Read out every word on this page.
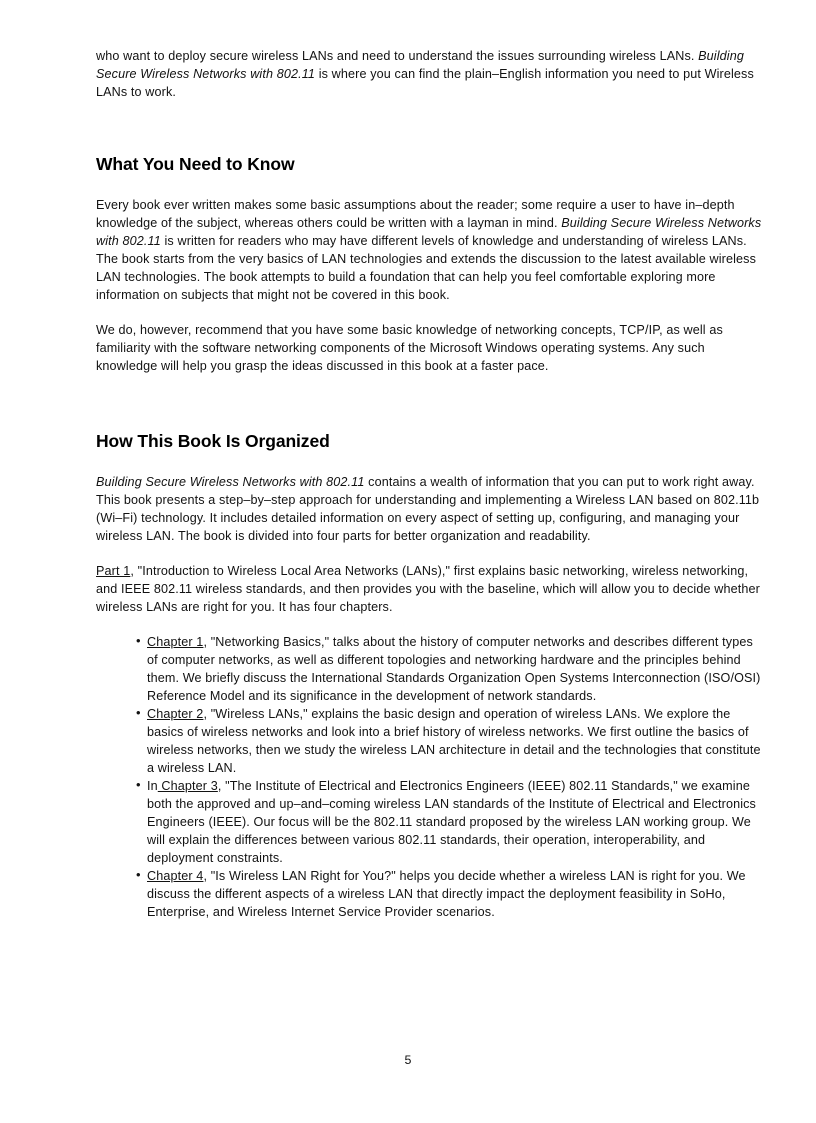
who want to deploy secure wireless LANs and need to understand the issues surrounding wireless LANs. Building Secure Wireless Networks with 802.11 is where you can find the plain–English information you need to put Wireless LANs to work.

What You Need to Know

Every book ever written makes some basic assumptions about the reader; some require a user to have in–depth knowledge of the subject, whereas others could be written with a layman in mind. Building Secure Wireless Networks with 802.11 is written for readers who may have different levels of knowledge and understanding of wireless LANs. The book starts from the very basics of LAN technologies and extends the discussion to the latest available wireless LAN technologies. The book attempts to build a foundation that can help you feel comfortable exploring more information on subjects that might not be covered in this book.

We do, however, recommend that you have some basic knowledge of networking concepts, TCP/IP, as well as familiarity with the software networking components of the Microsoft Windows operating systems. Any such knowledge will help you grasp the ideas discussed in this book at a faster pace.

How This Book Is Organized

Building Secure Wireless Networks with 802.11 contains a wealth of information that you can put to work right away. This book presents a step–by–step approach for understanding and implementing a Wireless LAN based on 802.11b (Wi–Fi) technology. It includes detailed information on every aspect of setting up, configuring, and managing your wireless LAN. The book is divided into four parts for better organization and readability.

Part 1, "Introduction to Wireless Local Area Networks (LANs)," first explains basic networking, wireless networking, and IEEE 802.11 wireless standards, and then provides you with the baseline, which will allow you to decide whether wireless LANs are right for you. It has four chapters.

• Chapter 1, "Networking Basics," talks about the history of computer networks and describes different types of computer networks, as well as different topologies and networking hardware and the principles behind them. We briefly discuss the International Standards Organization Open Systems Interconnection (ISO/OSI) Reference Model and its significance in the development of network standards.
• Chapter 2, "Wireless LANs," explains the basic design and operation of wireless LANs. We explore the basics of wireless networks and look into a brief history of wireless networks. We first outline the basics of wireless networks, then we study the wireless LAN architecture in detail and the technologies that constitute a wireless LAN.
• In Chapter 3, "The Institute of Electrical and Electronics Engineers (IEEE) 802.11 Standards," we examine both the approved and up–and–coming wireless LAN standards of the Institute of Electrical and Electronics Engineers (IEEE). Our focus will be the 802.11 standard proposed by the wireless LAN working group. We will explain the differences between various 802.11 standards, their operation, interoperability, and deployment constraints.
• Chapter 4, "Is Wireless LAN Right for You?" helps you decide whether a wireless LAN is right for you. We discuss the different aspects of a wireless LAN that directly impact the deployment feasibility in SoHo, Enterprise, and Wireless Internet Service Provider scenarios.
5
